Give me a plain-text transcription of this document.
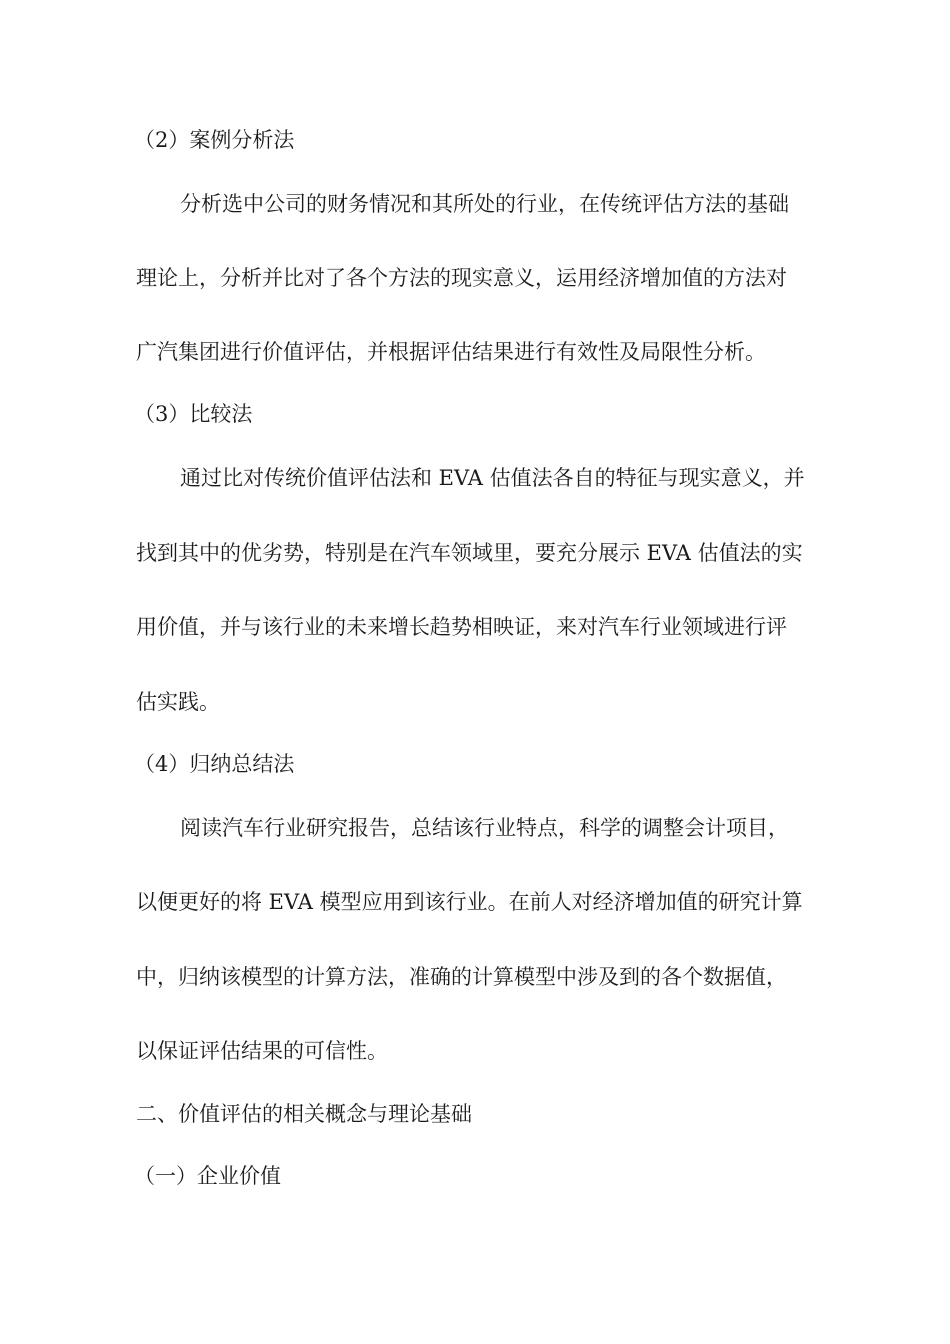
（2）案例分析法
分析选中公司的财务情况和其所处的行业，在传统评估方法的基础
理论上，分析并比对了各个方法的现实意义，运用经济增加值的方法对
广汽集团进行价值评估，并根据评估结果进行有效性及局限性分析。
（3）比较法
通过比对传统价值评估法和 EVA 估值法各自的特征与现实意义，并
找到其中的优劣势，特别是在汽车领域里，要充分展示 EVA 估值法的实
用价值，并与该行业的未来增长趋势相映证，来对汽车行业领域进行评
估实践。
（4）归纳总结法
阅读汽车行业研究报告，总结该行业特点，科学的调整会计项目，
以便更好的将 EVA 模型应用到该行业。在前人对经济增加值的研究计算
中，归纳该模型的计算方法，准确的计算模型中涉及到的各个数据值，
以保证评估结果的可信性。
二、价值评估的相关概念与理论基础
（一）企业价值
